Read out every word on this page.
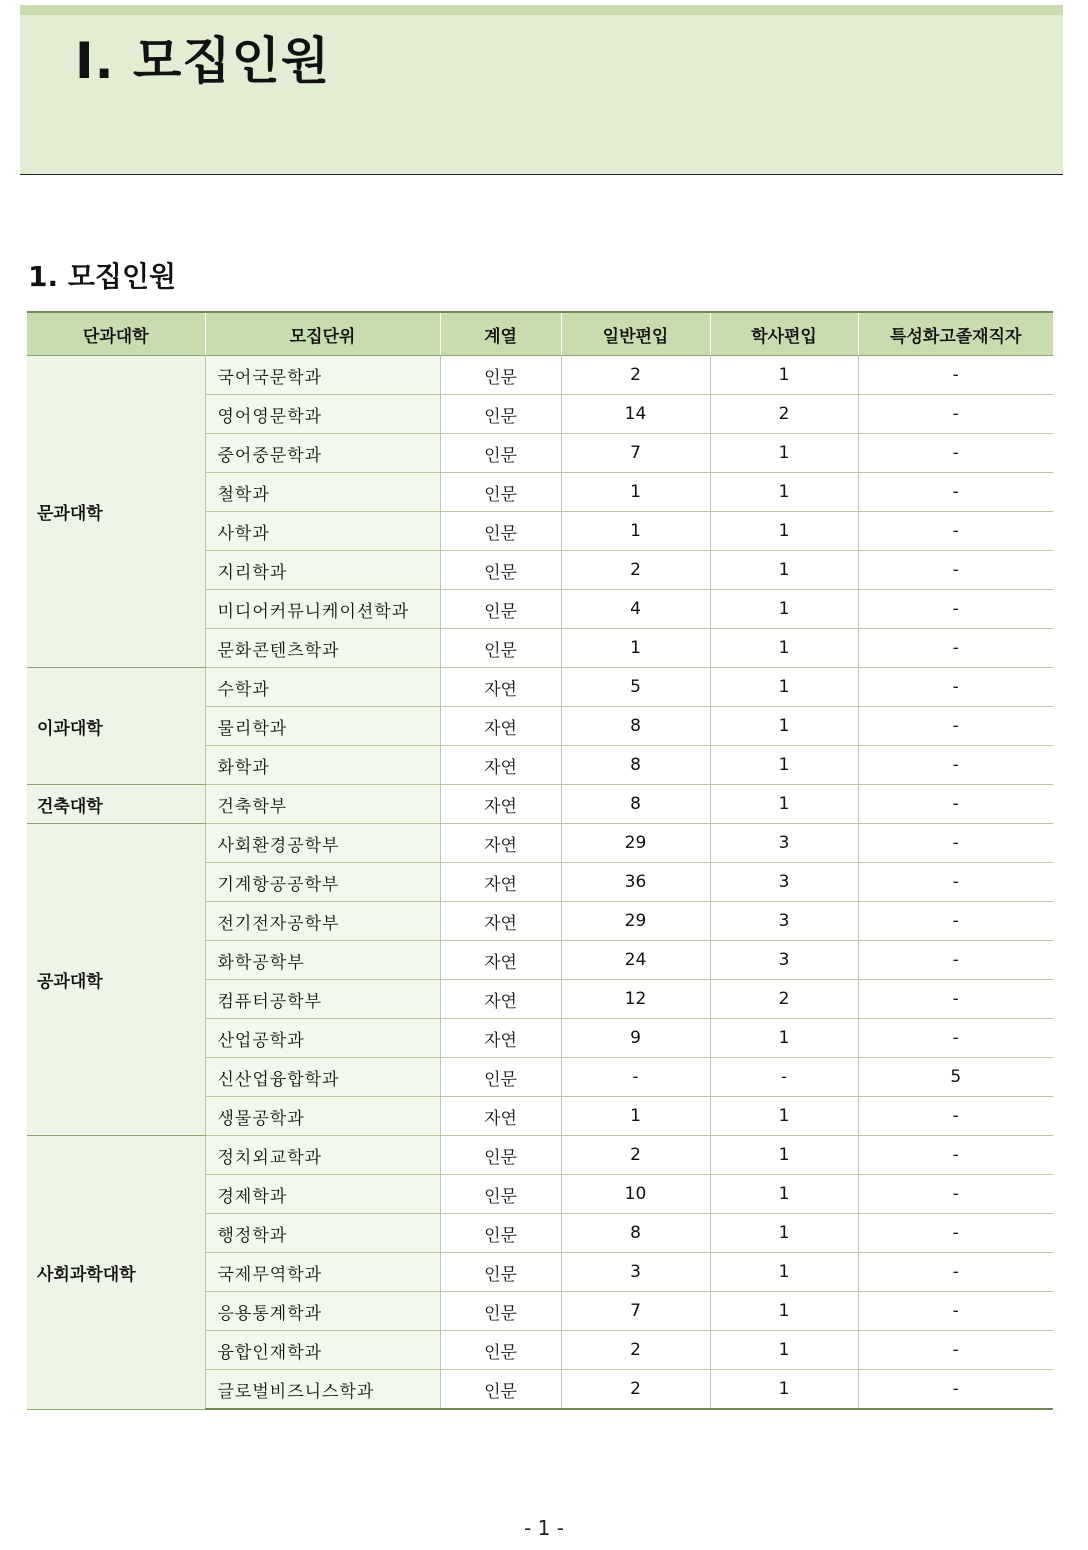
Ⅰ. 모집인원
1. 모집인원
단과대학	모집단위	계열	일반편입	학사편입	특성화고졸재직자
문과대학	국어국문학과	인문	2	1	-
	영어영문학과	인문	14	2	-
	중어중문학과	인문	7	1	-
	철학과	인문	1	1	-
	사학과	인문	1	1	-
	지리학과	인문	2	1	-
	미디어커뮤니케이션학과	인문	4	1	-
	문화콘텐츠학과	인문	1	1	-
이과대학	수학과	자연	5	1	-
	물리학과	자연	8	1	-
	화학과	자연	8	1	-
건축대학	건축학부	자연	8	1	-
공과대학	사회환경공학부	자연	29	3	-
	기계항공공학부	자연	36	3	-
	전기전자공학부	자연	29	3	-
	화학공학부	자연	24	3	-
	컴퓨터공학부	자연	12	2	-
	산업공학과	자연	9	1	-
	신산업융합학과	인문	-	-	5
	생물공학과	자연	1	1	-
사회과학대학	정치외교학과	인문	2	1	-
	경제학과	인문	10	1	-
	행정학과	인문	8	1	-
	국제무역학과	인문	3	1	-
	응용통계학과	인문	7	1	-
	융합인재학과	인문	2	1	-
	글로벌비즈니스학과	인문	2	1	-
- 1 -
